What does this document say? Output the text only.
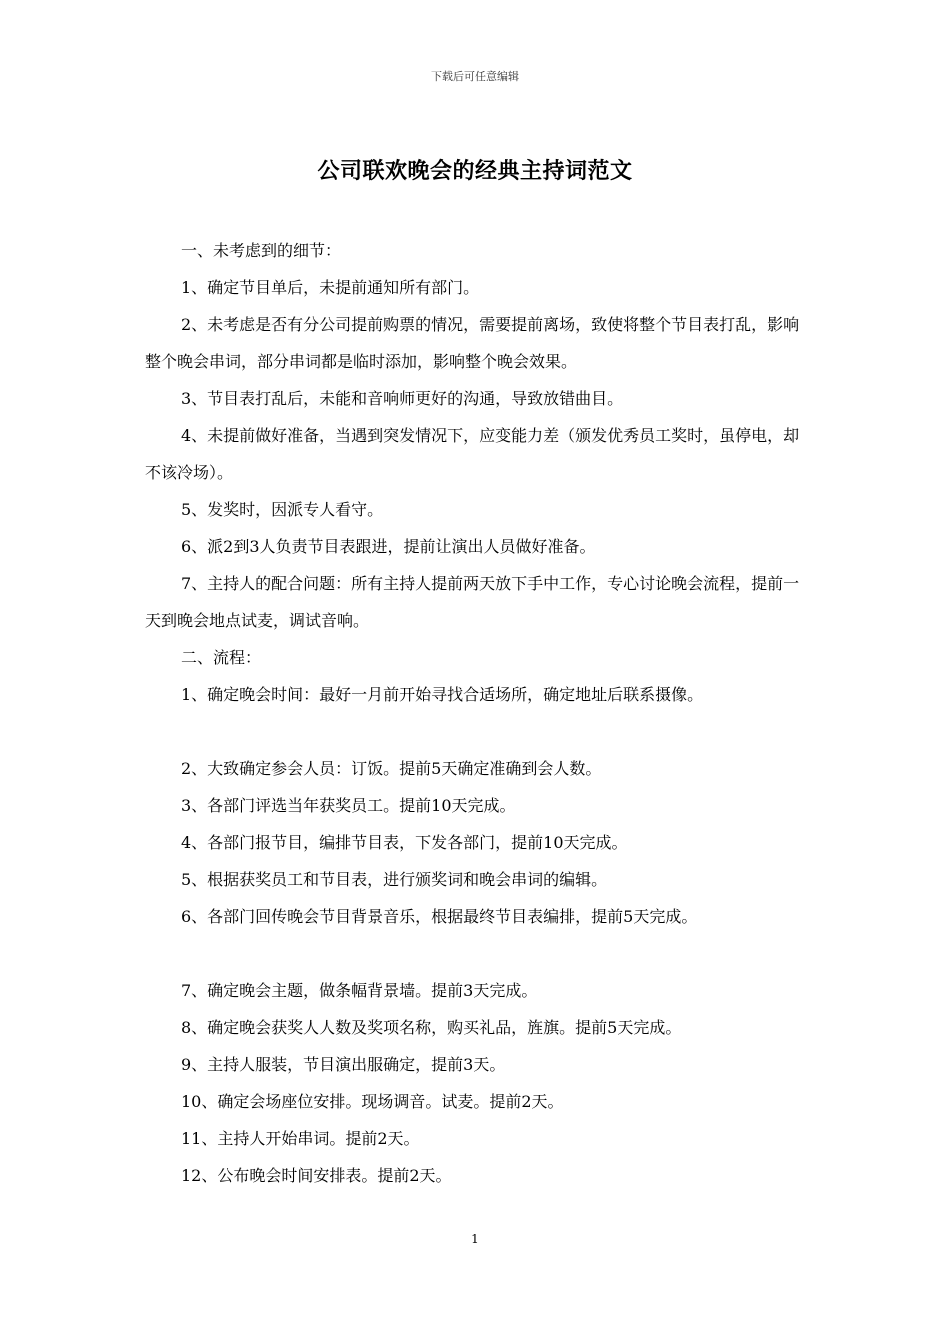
下载后可任意编辑
公司联欢晚会的经典主持词范文

一、未考虑到的细节：

1、确定节目单后，未提前通知所有部门。

2、未考虑是否有分公司提前购票的情况，需要提前离场，致使将整个节目表打乱，影响整个晚会串词，部分串词都是临时添加，影响整个晚会效果。

3、节目表打乱后，未能和音响师更好的沟通，导致放错曲目。

4、未提前做好准备，当遇到突发情况下，应变能力差（颁发优秀员工奖时，虽停电，却不该冷场）。

5、发奖时，因派专人看守。

6、派2到3人负责节目表跟进，提前让演出人员做好准备。

7、主持人的配合问题：所有主持人提前两天放下手中工作，专心讨论晚会流程，提前一天到晚会地点试麦，调试音响。

二、流程：

1、确定晚会时间：最好一月前开始寻找合适场所，确定地址后联系摄像。

2、大致确定参会人员：订饭。提前5天确定准确到会人数。

3、各部门评选当年获奖员工。提前10天完成。

4、各部门报节目，编排节目表，下发各部门，提前10天完成。

5、根据获奖员工和节目表，进行颁奖词和晚会串词的编辑。

6、各部门回传晚会节目背景音乐，根据最终节目表编排，提前5天完成。

7、确定晚会主题，做条幅背景墙。提前3天完成。

8、确定晚会获奖人人数及奖项名称，购买礼品，旌旗。提前5天完成。

9、主持人服装，节目演出服确定，提前3天。

10、确定会场座位安排。现场调音。试麦。提前2天。

11、主持人开始串词。提前2天。

12、公布晚会时间安排表。提前2天。

1
